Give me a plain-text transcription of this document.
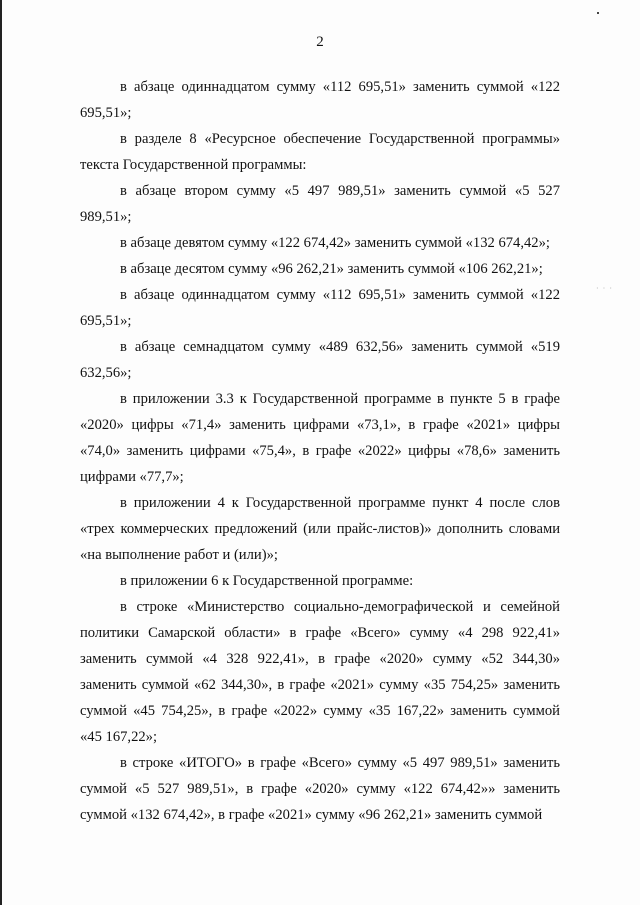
· · ·
2

в абзаце одиннадцатом сумму «112 695,51» заменить суммой «122 695,51»;

в разделе 8 «Ресурсное обеспечение Государственной программы» текста Государственной программы:

в абзаце втором сумму «5 497 989,51» заменить суммой «5 527 989,51»;

в абзаце девятом сумму «122 674,42» заменить суммой «132 674,42»;

в абзаце десятом сумму «96 262,21» заменить суммой «106 262,21»;

в абзаце одиннадцатом сумму «112 695,51» заменить суммой «122 695,51»;

в абзаце семнадцатом сумму «489 632,56» заменить суммой «519 632,56»;

в приложении 3.3 к Государственной программе в пункте 5 в графе «2020» цифры «71,4» заменить цифрами «73,1», в графе «2021» цифры «74,0» заменить цифрами «75,4», в графе «2022» цифры «78,6» заменить цифрами «77,7»;

в приложении 4 к Государственной программе пункт 4 после слов «трех коммерческих предложений (или прайс-листов)» дополнить словами «на выполнение работ и (или)»;

в приложении 6 к Государственной программе:

в строке «Министерство социально-демографической и семейной политики Самарской области» в графе «Всего» сумму «4 298 922,41» заменить суммой «4 328 922,41», в графе «2020» сумму «52 344,30» заменить суммой «62 344,30», в графе «2021» сумму «35 754,25» заменить суммой «45 754,25», в графе «2022» сумму «35 167,22» заменить суммой «45 167,22»;

в строке «ИТОГО» в графе «Всего» сумму «5 497 989,51» заменить суммой «5 527 989,51», в графе «2020» сумму «122 674,42»» заменить суммой «132 674,42», в графе «2021» сумму «96 262,21» заменить суммой
